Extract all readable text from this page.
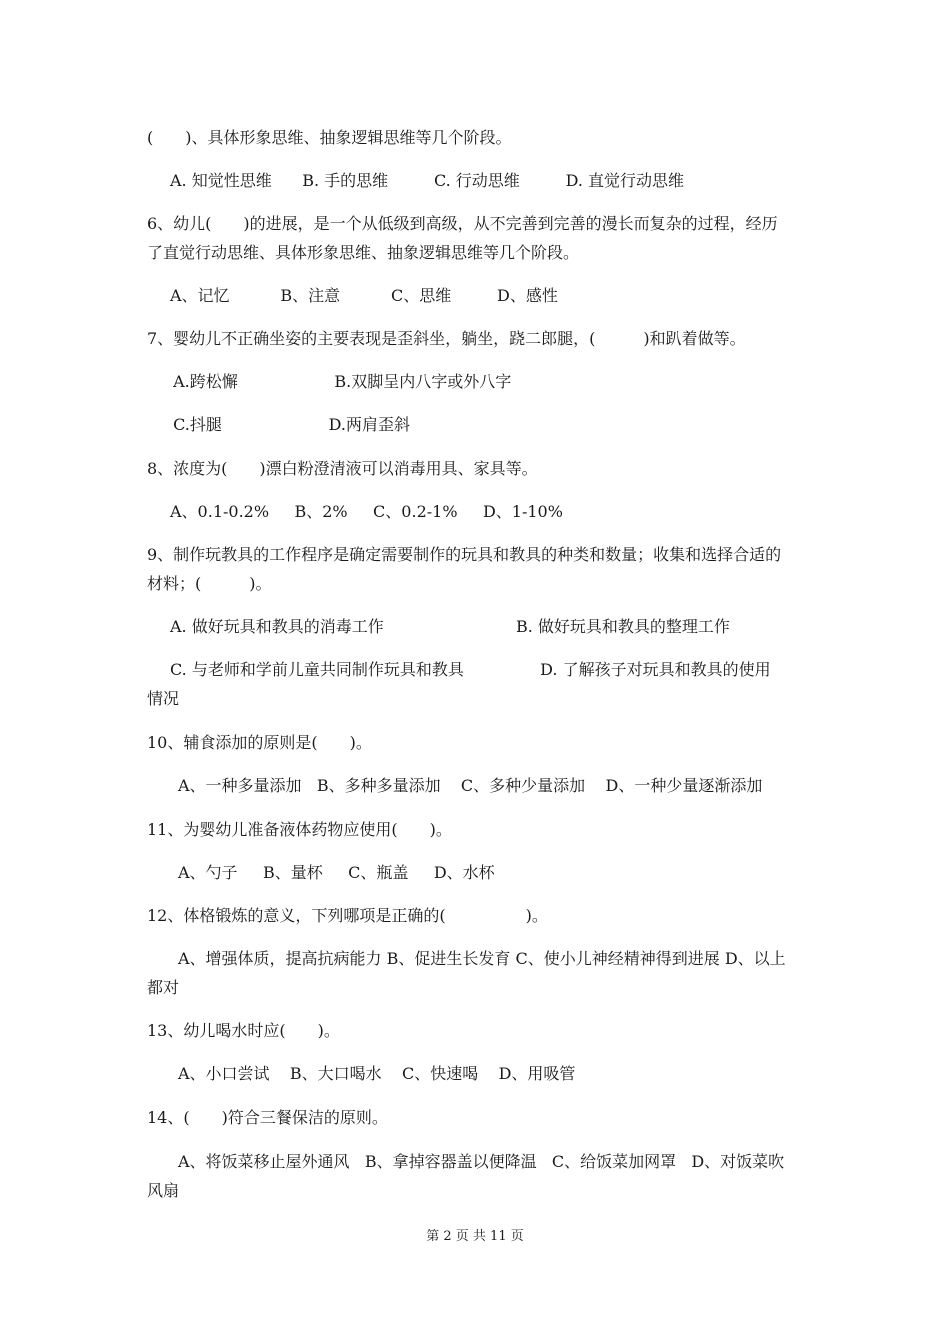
(　　)、具体形象思维、抽象逻辑思维等几个阶段。
A. 知觉性思维      B. 手的思维         C. 行动思维         D. 直觉行动思维
6、幼儿(　　)的进展，是一个从低级到高级，从不完善到完善的漫长而复杂的过程，经历
了直觉行动思维、具体形象思维、抽象逻辑思维等几个阶段。
A、记忆          B、注意          C、思维         D、感性
7、婴幼儿不正确坐姿的主要表现是歪斜坐，躺坐，跷二郎腿，(　　　)和趴着做等。
A.跨松懈                   B.双脚呈内八字或外八字
C.抖腿                     D.两肩歪斜
8、浓度为(　　)漂白粉澄清液可以消毒用具、家具等。
A、0.1-0.2%     B、2%     C、0.2-1%     D、1-10%
9、制作玩教具的工作程序是确定需要制作的玩具和教具的种类和数量；收集和选择合适的
材料；(　　　)。
A. 做好玩具和教具的消毒工作                          B. 做好玩具和教具的整理工作
C. 与老师和学前儿童共同制作玩具和教具               D. 了解孩子对玩具和教具的使用
情况
10、辅食添加的原则是(　　)。
A、一种多量添加   B、多种多量添加    C、多种少量添加    D、一种少量逐渐添加
11、为婴幼儿准备液体药物应使用(　　)。
A、勺子     B、量杯     C、瓶盖     D、水杯
12、体格锻炼的意义，下列哪项是正确的(　　　　　)。
A、增强体质，提高抗病能力 B、促进生长发育 C、使小儿神经精神得到进展 D、以上
都对
13、幼儿喝水时应(　　)。
A、小口尝试    B、大口喝水    C、快速喝    D、用吸管
14、(　　)符合三餐保洁的原则。
A、将饭菜移止屋外通风   B、拿掉容器盖以便降温   C、给饭菜加网罩   D、对饭菜吹
风扇
第 2 页 共 11 页
